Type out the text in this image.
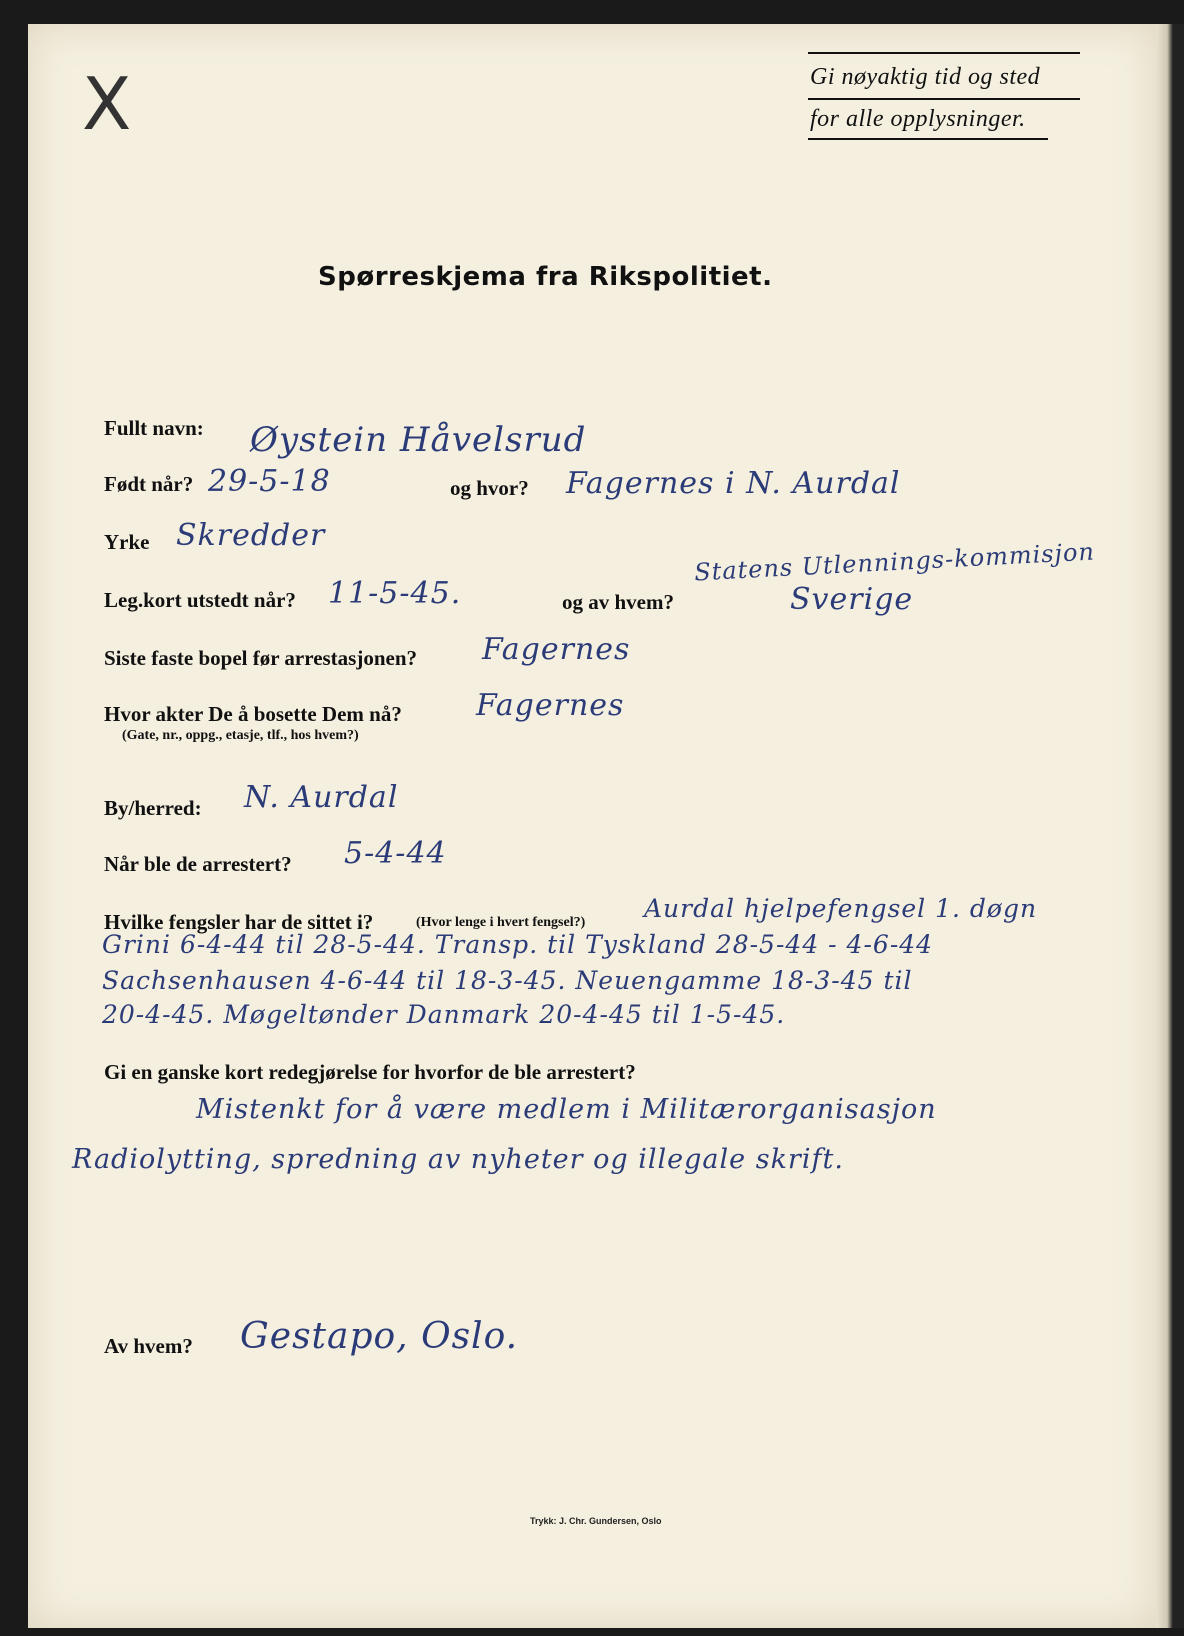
X	Gi nøyaktig tid og sted
for alle opplysninger.
Spørreskjema fra Rikspolitiet.
Fullt navn: Øystein Håvelsrud
Født når? 29-5-18	og hvor? Fagernes i N. Aurdal
Yrke Skredder
Leg.kort utstedt når? 11-5-45.	og av hvem?
Statens Utlennings-kommisjon
Sverige
Siste faste bopel før arrestasjonen? Fagernes
Hvor akter De å bosette Dem nå?
(Gate, nr., oppg., etasje, tlf., hos hvem?)
Fagernes
By/herred: N. Aurdal
Når ble de arrestert? 5-4-44
Hvilke fengsler har de sittet i?	(Hvor lenge i hvert fengsel?) Aurdal hjelpefengsel 1. døgn
Grini 6-4-44 til 28-5-44. Transp. til Tyskland 28-5-44 - 4-6-44
Sachsenhausen 4-6-44 til 18-3-45. Neuengamme 18-3-45 til
20-4-45. Møgeltønder Danmark 20-4-45 til 1-5-45.
Gi en ganske kort redegjørelse for hvorfor de ble arrestert?
Mistenkt for å være medlem i Militærorganisasjon
Radiolytting, spredning av nyheter og illegale skrift.
Av hvem? Gestapo, Oslo.
Trykk: J. Chr. Gundersen, Oslo
